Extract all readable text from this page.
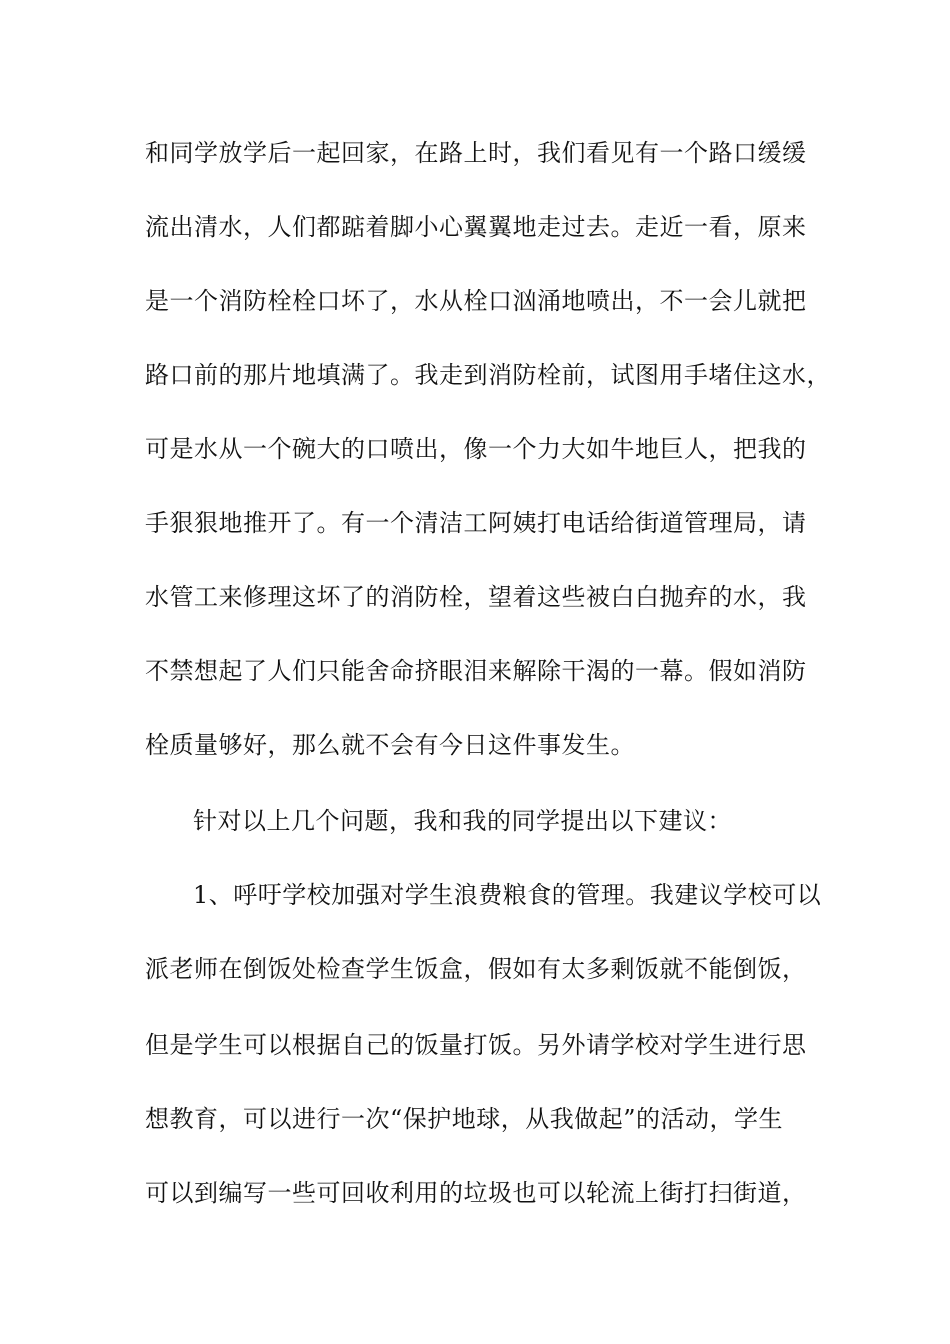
和同学放学后一起回家，在路上时，我们看见有一个路口缓缓
流出清水，人们都踮着脚小心翼翼地走过去。走近一看，原来
是一个消防栓栓口坏了，水从栓口汹涌地喷出，不一会儿就把
路口前的那片地填满了。我走到消防栓前，试图用手堵住这水，
可是水从一个碗大的口喷出，像一个力大如牛地巨人，把我的
手狠狠地推开了。有一个清洁工阿姨打电话给街道管理局，请
水管工来修理这坏了的消防栓，望着这些被白白抛弃的水，我
不禁想起了人们只能舍命挤眼泪来解除干渴的一幕。假如消防
栓质量够好，那么就不会有今日这件事发生。
针对以上几个问题，我和我的同学提出以下建议：
1、呼吁学校加强对学生浪费粮食的管理。我建议学校可以
派老师在倒饭处检查学生饭盒，假如有太多剩饭就不能倒饭，
但是学生可以根据自己的饭量打饭。另外请学校对学生进行思
想教育，可以进行一次“保护地球，从我做起”的活动，学生
可以到编写一些可回收利用的垃圾也可以轮流上街打扫街道，
